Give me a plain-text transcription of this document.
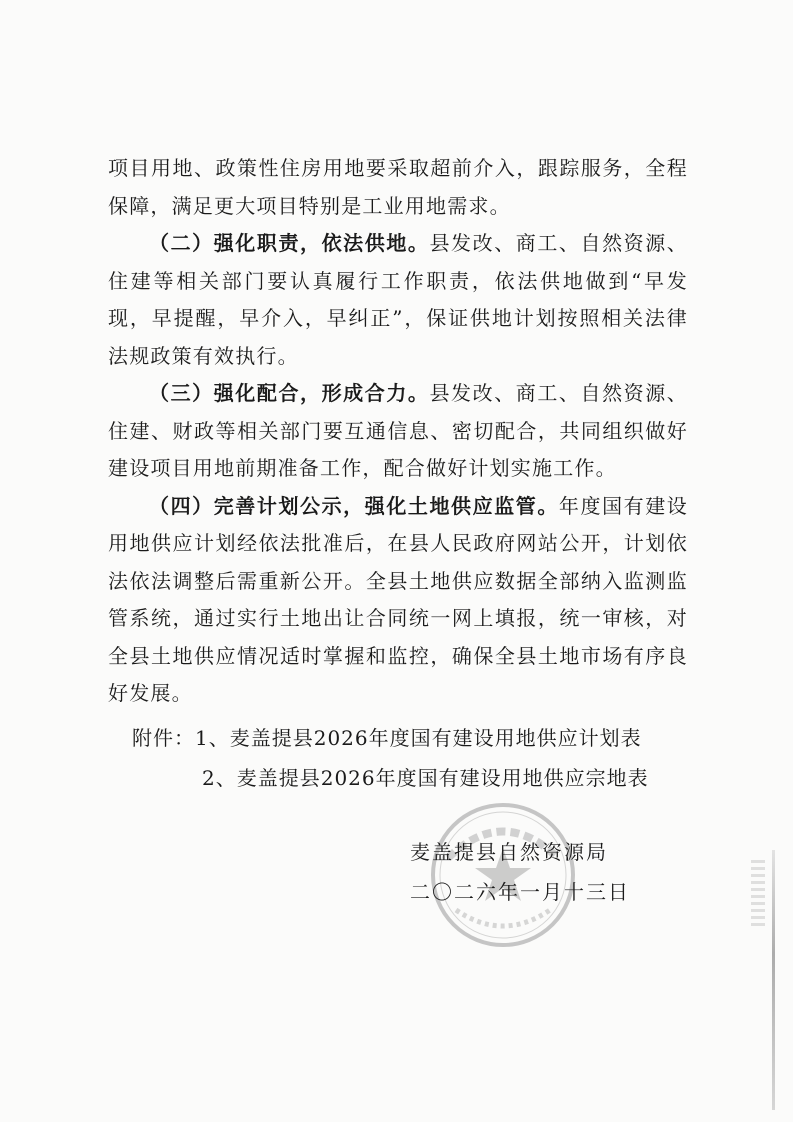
项目用地、政策性住房用地要采取超前介入，跟踪服务，全程保障，满足更大项目特别是工业用地需求。

（二）强化职责，依法供地。县发改、商工、自然资源、住建等相关部门要认真履行工作职责，依法供地做到“早发现，早提醒，早介入，早纠正”，保证供地计划按照相关法律法规政策有效执行。

（三）强化配合，形成合力。县发改、商工、自然资源、住建、财政等相关部门要互通信息、密切配合，共同组织做好建设项目用地前期准备工作，配合做好计划实施工作。

（四）完善计划公示，强化土地供应监管。年度国有建设用地供应计划经依法批准后，在县人民政府网站公开，计划依法依法调整后需重新公开。全县土地供应数据全部纳入监测监管系统，通过实行土地出让合同统一网上填报，统一审核，对全县土地供应情况适时掌握和监控，确保全县土地市场有序良好发展。

附件：1、麦盖提县2026年度国有建设用地供应计划表
2、麦盖提县2026年度国有建设用地供应宗地表
麦盖提县自然资源局
二〇二六年一月十三日
